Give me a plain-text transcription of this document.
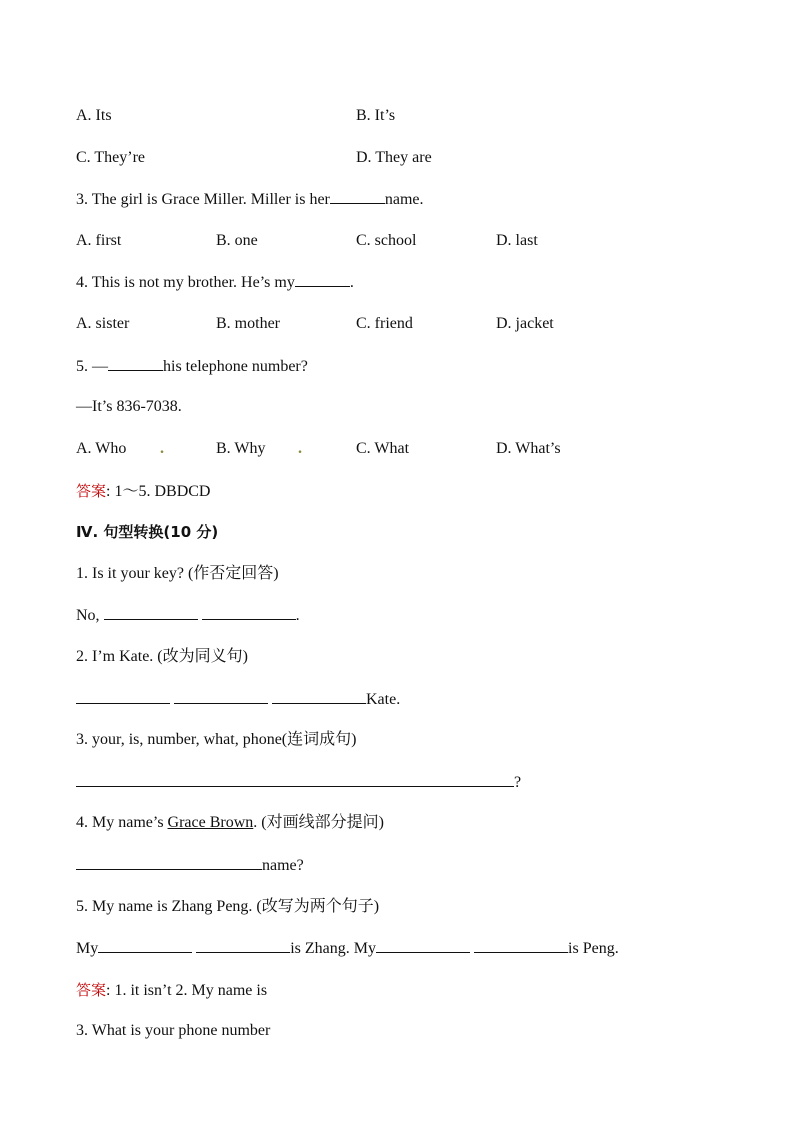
A. Its	B. It’s
C. They’re	D. They are
3. The girl is Grace Miller. Miller is her	name.
A. first	B. one	C. school	D. last
4. This is not my brother. He’s my	.
A. sister	B. mother	C. friend	D. jacket
5. —	his telephone number?
—It’s 836-7038.
A. Who .	B. Why .	C. What	D. What’s
答案: 1～5. DBDCD
Ⅳ. 句型转换(10 分)
1. Is it your key? (作否定回答)
No,	.
2. I’m Kate. (改为同义句)
Kate.
3. your, is, number, what, phone(连词成句)
?
4. My name’s Grace Brown. (对画线部分提问)
name?
5. My name is Zhang Peng. (改写为两个句子)
My	is Zhang. My	is Peng.
答案: 1. it isn’t 2. My name is
3. What is your phone number
